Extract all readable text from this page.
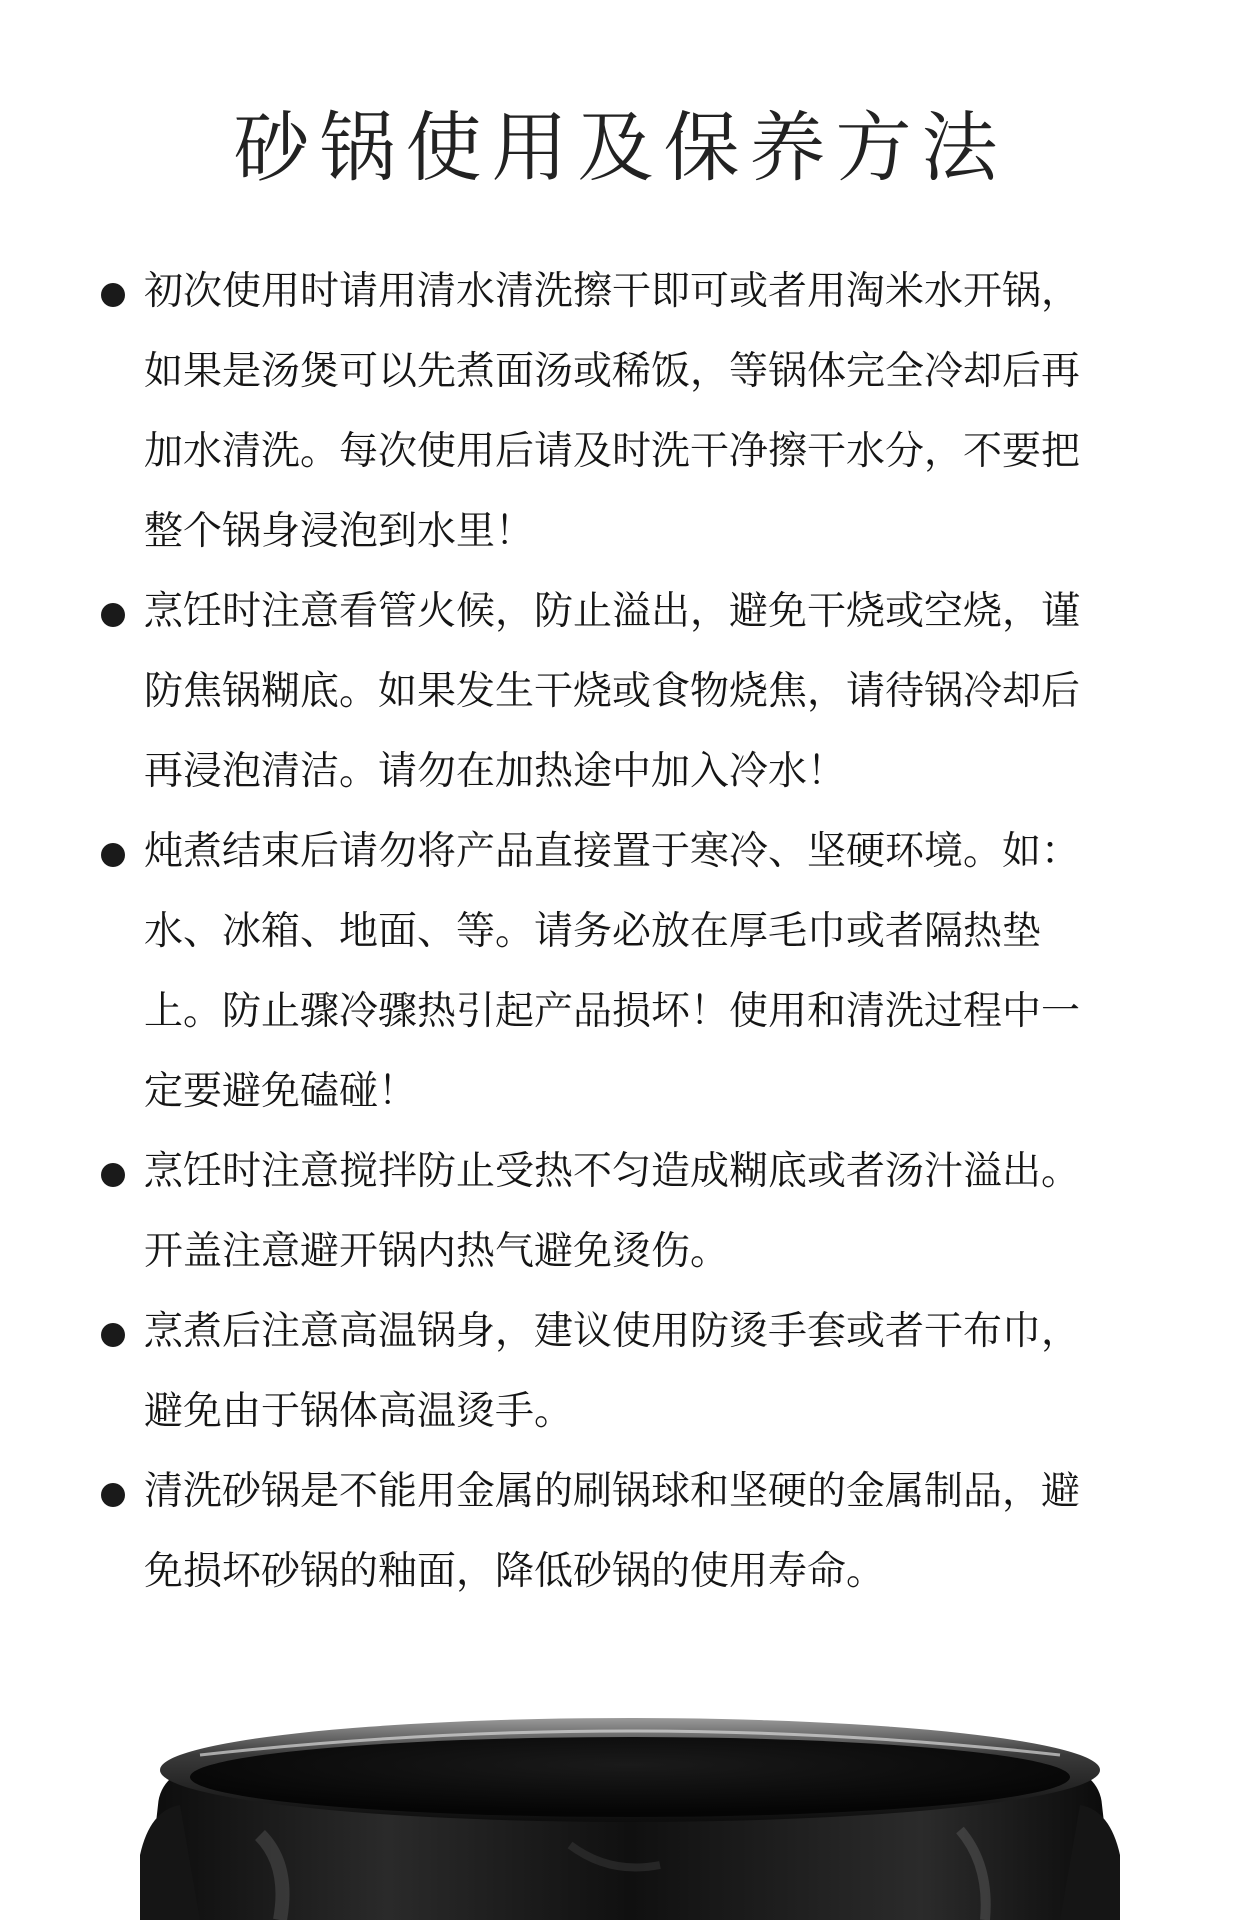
砂锅使用及保养方法
初次使用时请用清水清洗擦干即可或者用淘米水开锅，如果是汤煲可以先煮面汤或稀饭，等锅体完全冷却后再加水清洗。每次使用后请及时洗干净擦干水分，不要把整个锅身浸泡到水里！
烹饪时注意看管火候，防止溢出，避免干烧或空烧，谨防焦锅糊底。如果发生干烧或食物烧焦，请待锅冷却后再浸泡清洁。请勿在加热途中加入冷水！
炖煮结束后请勿将产品直接置于寒冷、坚硬环境。如：水、冰箱、地面、等。请务必放在厚毛巾或者隔热垫上。防止骤冷骤热引起产品损坏！使用和清洗过程中一定要避免磕碰！
烹饪时注意搅拌防止受热不匀造成糊底或者汤汁溢出。开盖注意避开锅内热气避免烫伤。
烹煮后注意高温锅身，建议使用防烫手套或者干布巾，避免由于锅体高温烫手。
清洗砂锅是不能用金属的刷锅球和坚硬的金属制品，避免损坏砂锅的釉面，降低砂锅的使用寿命。
